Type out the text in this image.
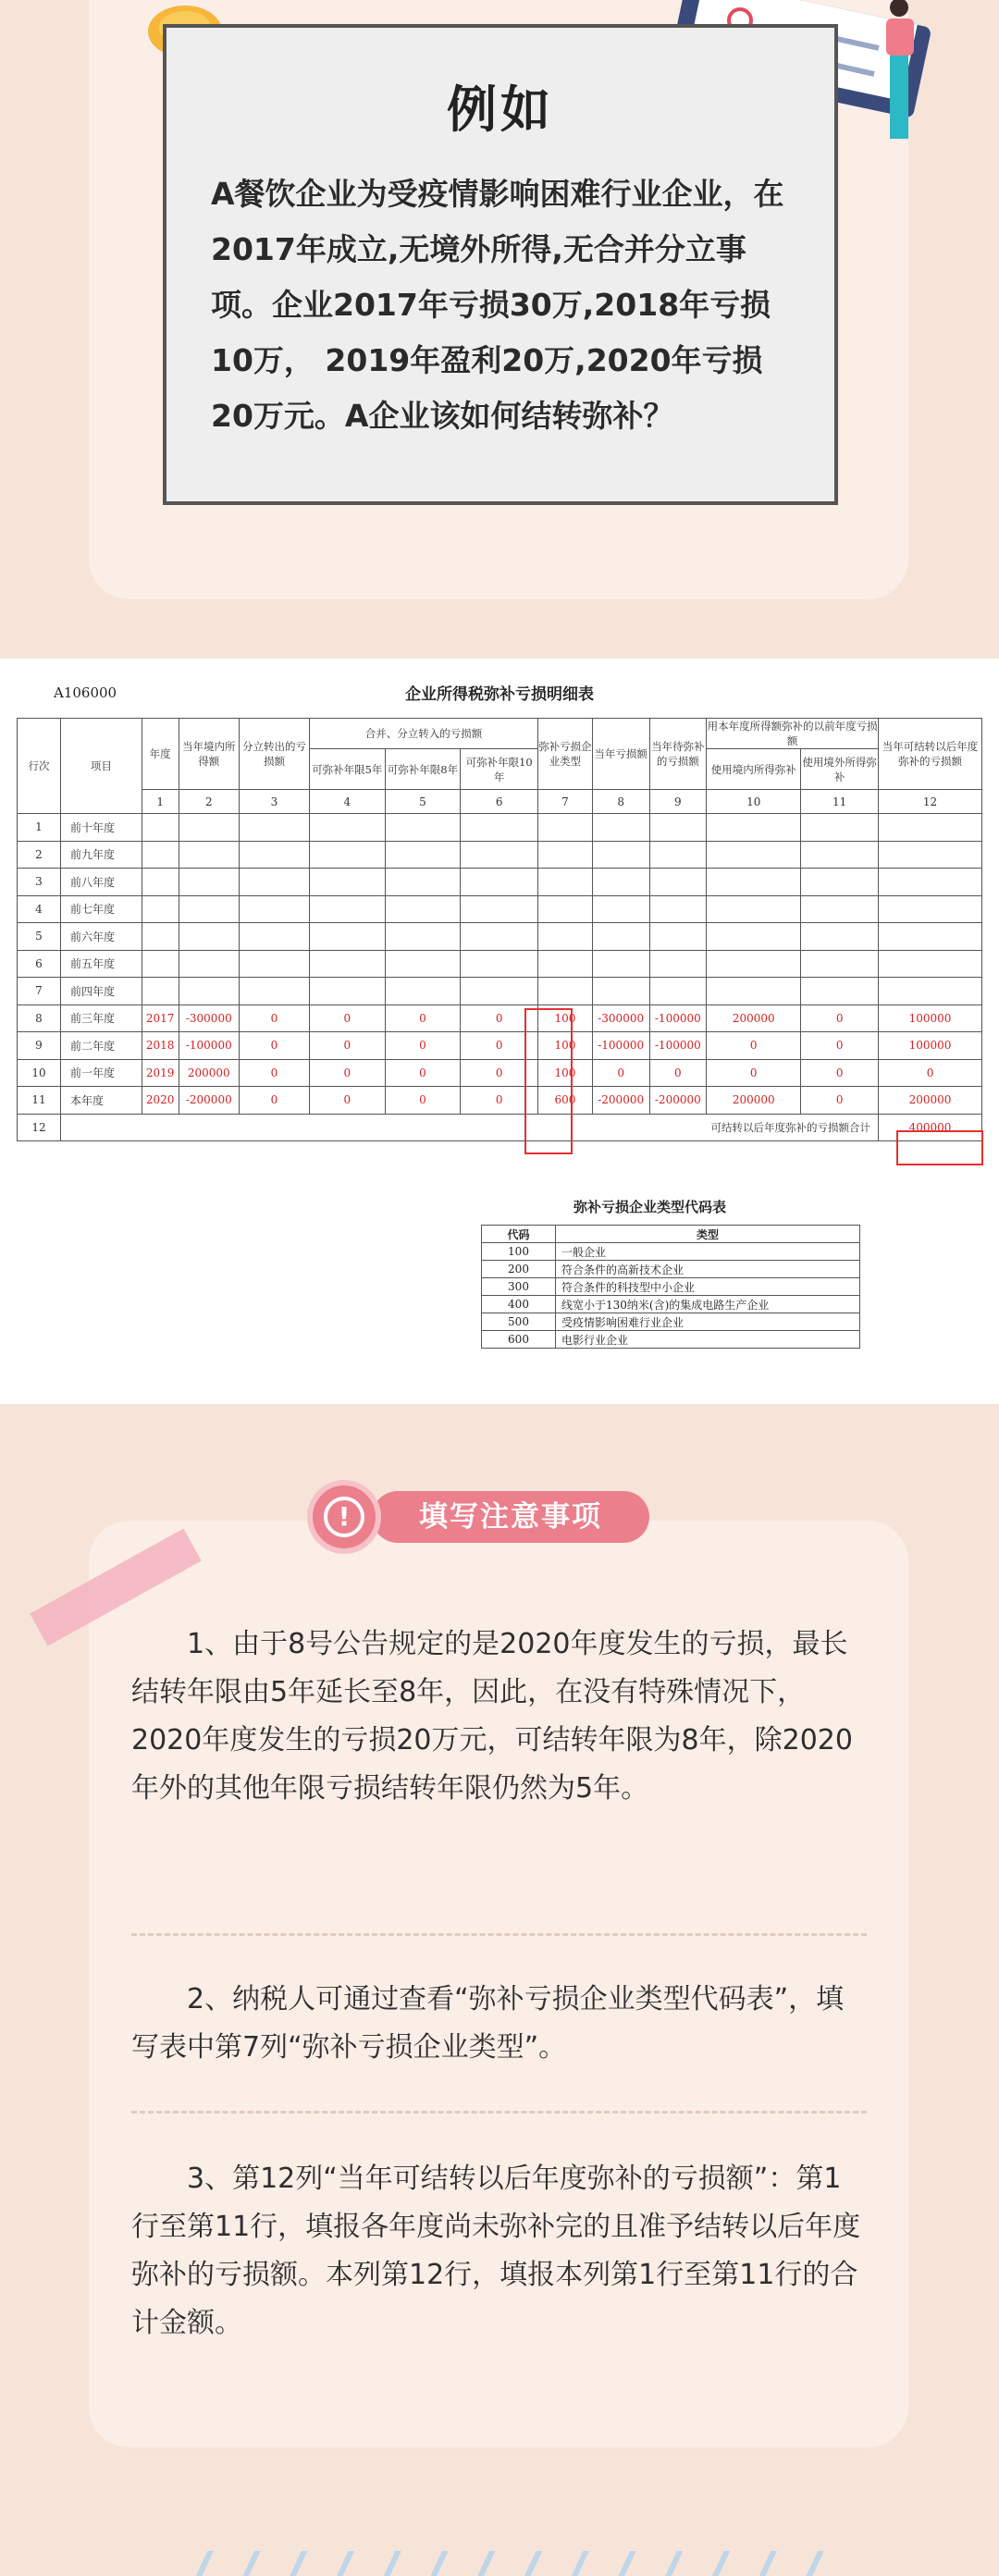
例如
A餐饮企业为受疫情影响困难行业企业，在2017年成立,无境外所得,无合并分立事项。企业2017年亏损30万,2018年亏损10万， 2019年盈利20万,2020年亏损20万元。A企业该如何结转弥补？
A106000	企业所得税弥补亏损明细表
行次	项目	年度	当年境内所得额	分立转出的亏损额	合并、分立转入的亏损额			弥补亏损企业类型	当年亏损额	当年待弥补的亏损额	用本年度所得额弥补的以前年度亏损额		当年可结转以后年度弥补的亏损额
					可弥补年限5年	可弥补年限8年	可弥补年限10年				使用境内所得弥补	使用境外所得弥补	
		1	2	3	4	5	6	7	8	9	10	11	12
1	前十年度												
2	前九年度												
3	前八年度												
4	前七年度												
5	前六年度												
6	前五年度												
7	前四年度												
8	前三年度	2017	-300000	0	0	0	0	100	-300000	-100000	200000	0	100000
9	前二年度	2018	-100000	0	0	0	0	100	-100000	-100000	0	0	100000
10	前一年度	2019	200000	0	0	0	0	100	0	0	0	0	0
11	本年度	2020	-200000	0	0	0	0	600	-200000	-200000	200000	0	200000
12	可结转以后年度弥补的亏损额合计												400000
弥补亏损企业类型代码表
代码	类型
100	一般企业
200	符合条件的高新技术企业
300	符合条件的科技型中小企业
400	线宽小于130纳米(含)的集成电路生产企业
500	受疫情影响困难行业企业
600	电影行业企业
填写注意事项
!
1、由于8号公告规定的是2020年度发生的亏损，最长结转年限由5年延长至8年，因此，在没有特殊情况下，2020年度发生的亏损20万元，可结转年限为8年，除2020年外的其他年限亏损结转年限仍然为5年。
2、纳税人可通过查看“弥补亏损企业类型代码表”，填写表中第7列“弥补亏损企业类型”。
3、第12列“当年可结转以后年度弥补的亏损额”：第1行至第11行，填报各年度尚未弥补完的且准予结转以后年度弥补的亏损额。本列第12行，填报本列第1行至第11行的合计金额。
